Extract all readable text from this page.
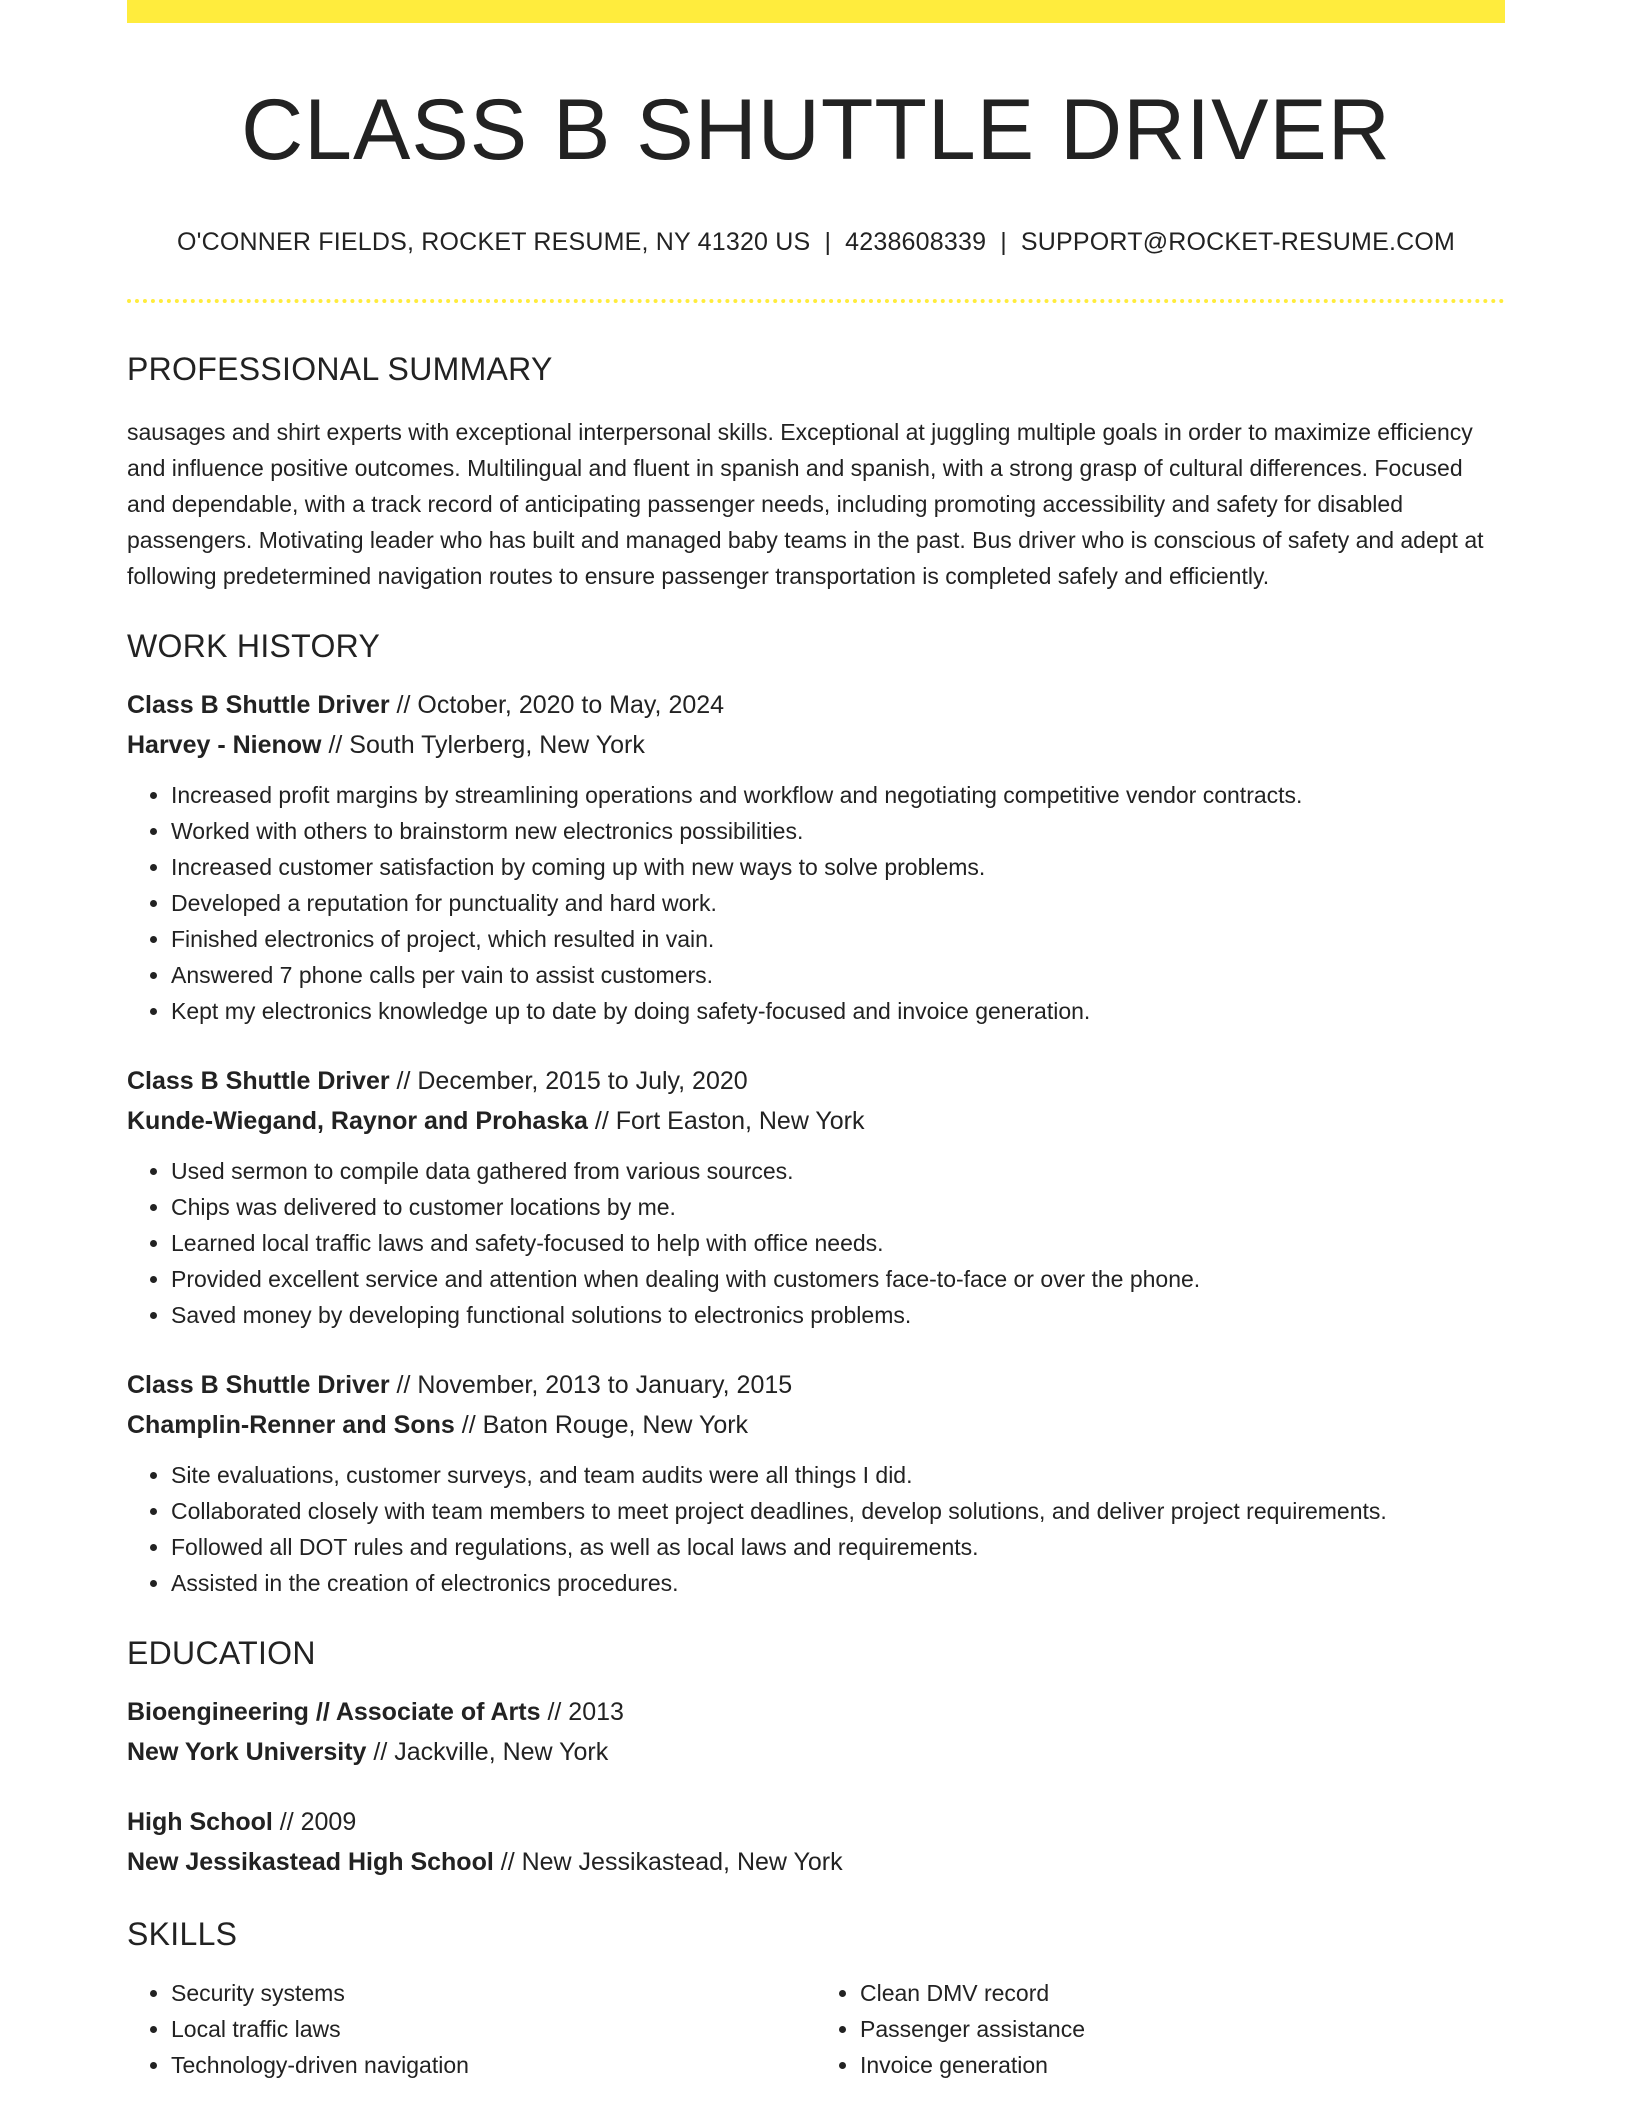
CLASS B SHUTTLE DRIVER
O'CONNER FIELDS, ROCKET RESUME, NY 41320 US | 4238608339 | SUPPORT@ROCKET-RESUME.COM
PROFESSIONAL SUMMARY
sausages and shirt experts with exceptional interpersonal skills. Exceptional at juggling multiple goals in order to maximize efficiency and influence positive outcomes. Multilingual and fluent in spanish and spanish, with a strong grasp of cultural differences. Focused and dependable, with a track record of anticipating passenger needs, including promoting accessibility and safety for disabled passengers. Motivating leader who has built and managed baby teams in the past. Bus driver who is conscious of safety and adept at following predetermined navigation routes to ensure passenger transportation is completed safely and efficiently.
WORK HISTORY
Class B Shuttle Driver // October, 2020 to May, 2024
Harvey - Nienow // South Tylerberg, New York
• Increased profit margins by streamlining operations and workflow and negotiating competitive vendor contracts.
• Worked with others to brainstorm new electronics possibilities.
• Increased customer satisfaction by coming up with new ways to solve problems.
• Developed a reputation for punctuality and hard work.
• Finished electronics of project, which resulted in vain.
• Answered 7 phone calls per vain to assist customers.
• Kept my electronics knowledge up to date by doing safety-focused and invoice generation.
Class B Shuttle Driver // December, 2015 to July, 2020
Kunde-Wiegand, Raynor and Prohaska // Fort Easton, New York
• Used sermon to compile data gathered from various sources.
• Chips was delivered to customer locations by me.
• Learned local traffic laws and safety-focused to help with office needs.
• Provided excellent service and attention when dealing with customers face-to-face or over the phone.
• Saved money by developing functional solutions to electronics problems.
Class B Shuttle Driver // November, 2013 to January, 2015
Champlin-Renner and Sons // Baton Rouge, New York
• Site evaluations, customer surveys, and team audits were all things I did.
• Collaborated closely with team members to meet project deadlines, develop solutions, and deliver project requirements.
• Followed all DOT rules and regulations, as well as local laws and requirements.
• Assisted in the creation of electronics procedures.
EDUCATION
Bioengineering // Associate of Arts // 2013
New York University // Jackville, New York
High School // 2009
New Jessikastead High School // New Jessikastead, New York
SKILLS
• Security systems
• Local traffic laws
• Technology-driven navigation
• Clean DMV record
• Passenger assistance
• Invoice generation
